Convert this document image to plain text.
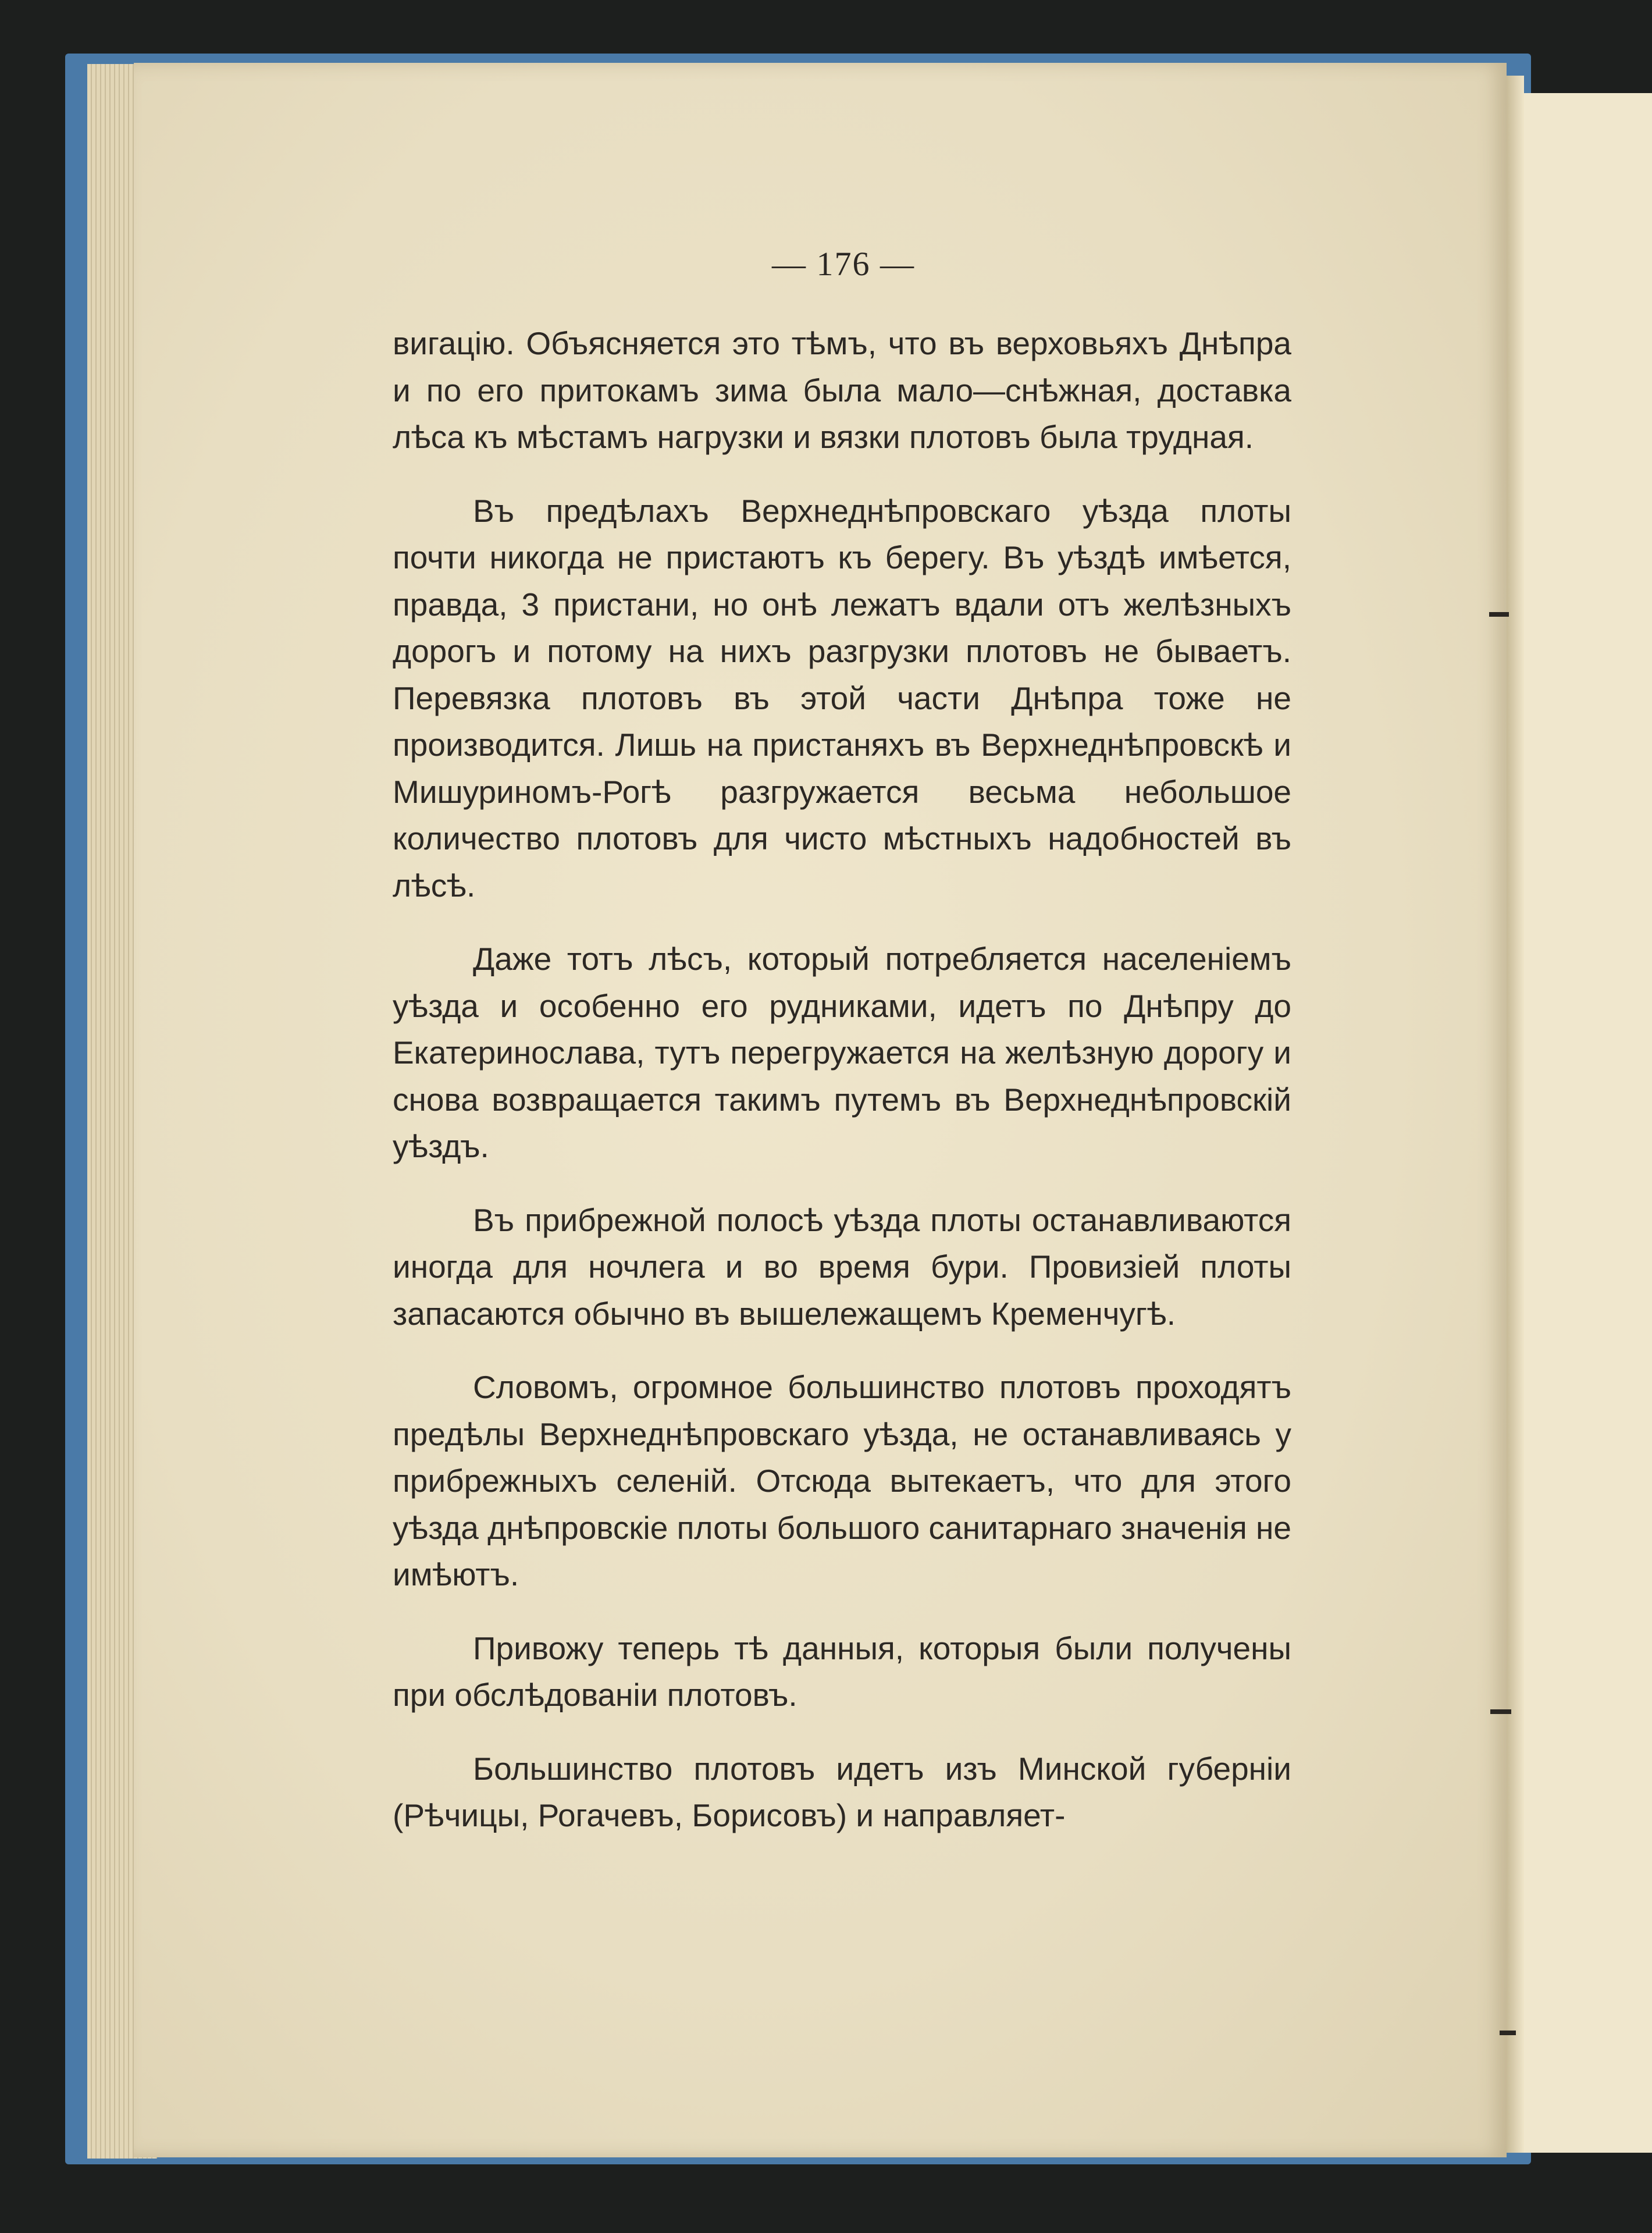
— 176 —

вигацію. Объясняется это тѣмъ, что въ верховьяхъ Днѣпра и по его притокамъ зима была мало—снѣжная, доставка лѣса къ мѣстамъ нагрузки и вязки плотовъ была трудная.

Въ предѣлахъ Верхнеднѣпровскаго уѣзда плоты почти никогда не пристаютъ къ берегу. Въ уѣздѣ имѣется, правда, 3 пристани, но онѣ лежатъ вдали отъ желѣзныхъ дорогъ и потому на нихъ разгрузки плотовъ не бываетъ. Перевязка плотовъ въ этой части Днѣпра тоже не производится. Лишь на пристаняхъ въ Верхнеднѣпровскѣ и Мишуриномъ-Рогѣ разгружается весьма небольшое количество плотовъ для чисто мѣстныхъ надобностей въ лѣсѣ.

Даже тотъ лѣсъ, который потребляется населеніемъ уѣзда и особенно его рудниками, идетъ по Днѣпру до Екатеринослава, тутъ перегружается на желѣзную дорогу и снова возвращается такимъ путемъ въ Верхнеднѣпровскій уѣздъ.

Въ прибрежной полосѣ уѣзда плоты останавливаются иногда для ночлега и во время бури. Провизіей плоты запасаются обычно въ вышележащемъ Кременчугѣ.

Словомъ, огромное большинство плотовъ проходятъ предѣлы Верхнеднѣпровскаго уѣзда, не останавливаясь у прибрежныхъ селеній. Отсюда вытекаетъ, что для этого уѣзда днѣпровскіе плоты большого санитарнаго значенія не имѣютъ.

Привожу теперь тѣ данныя, которыя были получены при обслѣдованіи плотовъ.

Большинство плотовъ идетъ изъ Минской губерніи (Рѣчицы, Рогачевъ, Борисовъ) и направляет-
